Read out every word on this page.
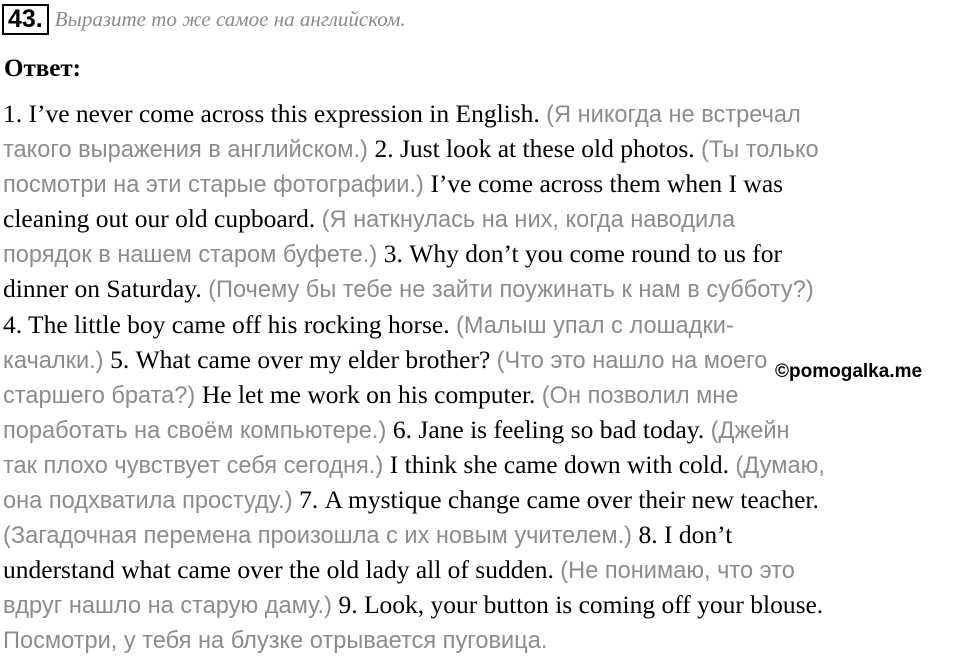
43. Выразите то же самое на английском.
Ответ:
1. I’ve never come across this expression in English. (Я никогда не встречал
такого выражения в английском.) 2. Just look at these old photos. (Ты только
посмотри на эти старые фотографии.) I’ve come across them when I was
cleaning out our old cupboard. (Я наткнулась на них, когда наводила
порядок в нашем старом буфете.) 3. Why don’t you come round to us for
dinner on Saturday. (Почему бы тебе не зайти поужинать к нам в субботу?)
4. The little boy came off his rocking horse. (Малыш упал с лошадки-
качалки.) 5. What came over my elder brother? (Что это нашло на моего
старшего брата?) He let me work on his computer. (Он позволил мне
поработать на своём компьютере.) 6. Jane is feeling so bad today. (Джейн
так плохо чувствует себя сегодня.) I think she came down with cold. (Думаю,
она подхватила простуду.) 7. A mystique change came over their new teacher.
(Загадочная перемена произошла с их новым учителем.) 8. I don’t
understand what came over the old lady all of sudden. (Не понимаю, что это
вдруг нашло на старую даму.) 9. Look, your button is coming off your blouse.
Посмотри, у тебя на блузке отрывается пуговица.
©pomogalka.me
